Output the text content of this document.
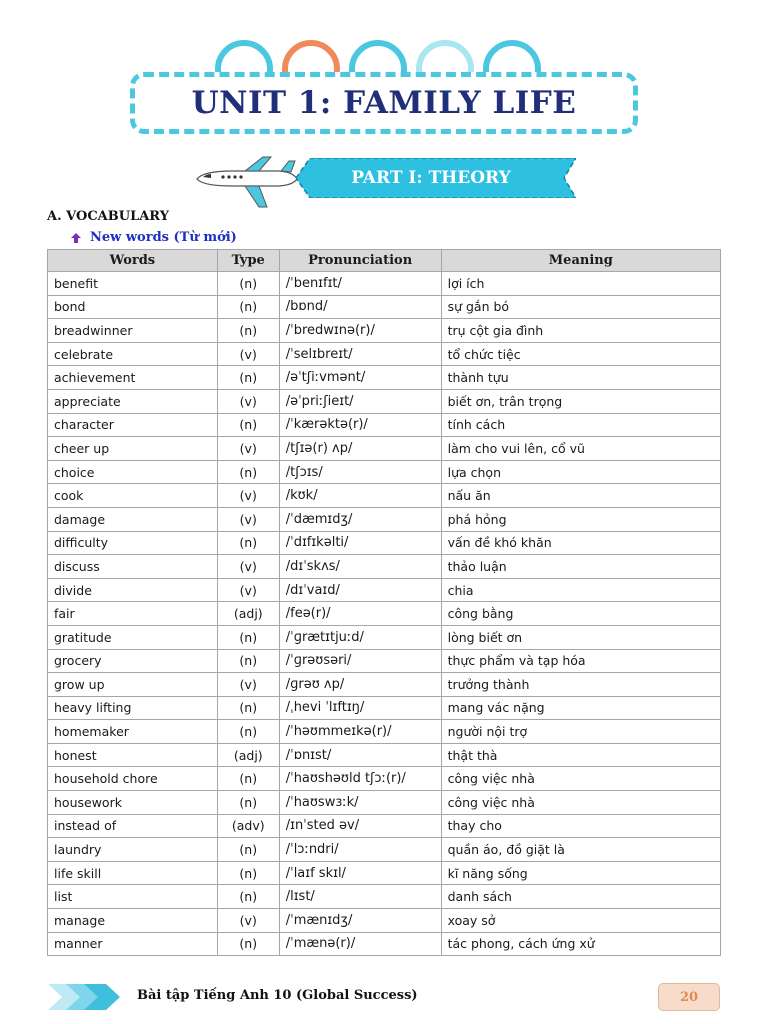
UNIT 1: FAMILY LIFE
PART I: THEORY
A. VOCABULARY
New words (Từ mới)
Words	Type	Pronunciation	Meaning
benefit	(n)	/ˈbenɪfɪt/	lợi ích
bond	(n)	/bɒnd/	sự gắn bó
breadwinner	(n)	/ˈbredwɪnə(r)/	trụ cột gia đình
celebrate	(v)	/ˈselɪbreɪt/	tổ chức tiệc
achievement	(n)	/əˈtʃiːvmənt/	thành tựu
appreciate	(v)	/əˈpriːʃieɪt/	biết ơn, trân trọng
character	(n)	/ˈkærəktə(r)/	tính cách
cheer up	(v)	/tʃɪə(r) ʌp/	làm cho vui lên, cổ vũ
choice	(n)	/tʃɔɪs/	lựa chọn
cook	(v)	/kʊk/	nấu ăn
damage	(v)	/ˈdæmɪdʒ/	phá hỏng
difficulty	(n)	/ˈdɪfɪkəlti/	vấn đề khó khăn
discuss	(v)	/dɪˈskʌs/	thảo luận
divide	(v)	/dɪˈvaɪd/	chia
fair	(adj)	/feə(r)/	công bằng
gratitude	(n)	/ˈɡrætɪtjuːd/	lòng biết ơn
grocery	(n)	/ˈɡrəʊsəri/	thực phẩm và tạp hóa
grow up	(v)	/ɡrəʊ ʌp/	trưởng thành
heavy lifting	(n)	/ˌhevi ˈlɪftɪŋ/	mang vác nặng
homemaker	(n)	/ˈhəʊmmeɪkə(r)/	người nội trợ
honest	(adj)	/ˈɒnɪst/	thật thà
household chore	(n)	/ˈhaʊshəʊld tʃɔː(r)/	công việc nhà
housework	(n)	/ˈhaʊswɜːk/	công việc nhà
instead of	(adv)	/ɪnˈsted əv/	thay cho
laundry	(n)	/ˈlɔːndri/	quần áo, đồ giặt là
life skill	(n)	/ˈlaɪf skɪl/	kĩ năng sống
list	(n)	/lɪst/	danh sách
manage	(v)	/ˈmænɪdʒ/	xoay sở
manner	(n)	/ˈmænə(r)/	tác phong, cách ứng xử
Bài tập Tiếng Anh 10 (Global Success)	20
